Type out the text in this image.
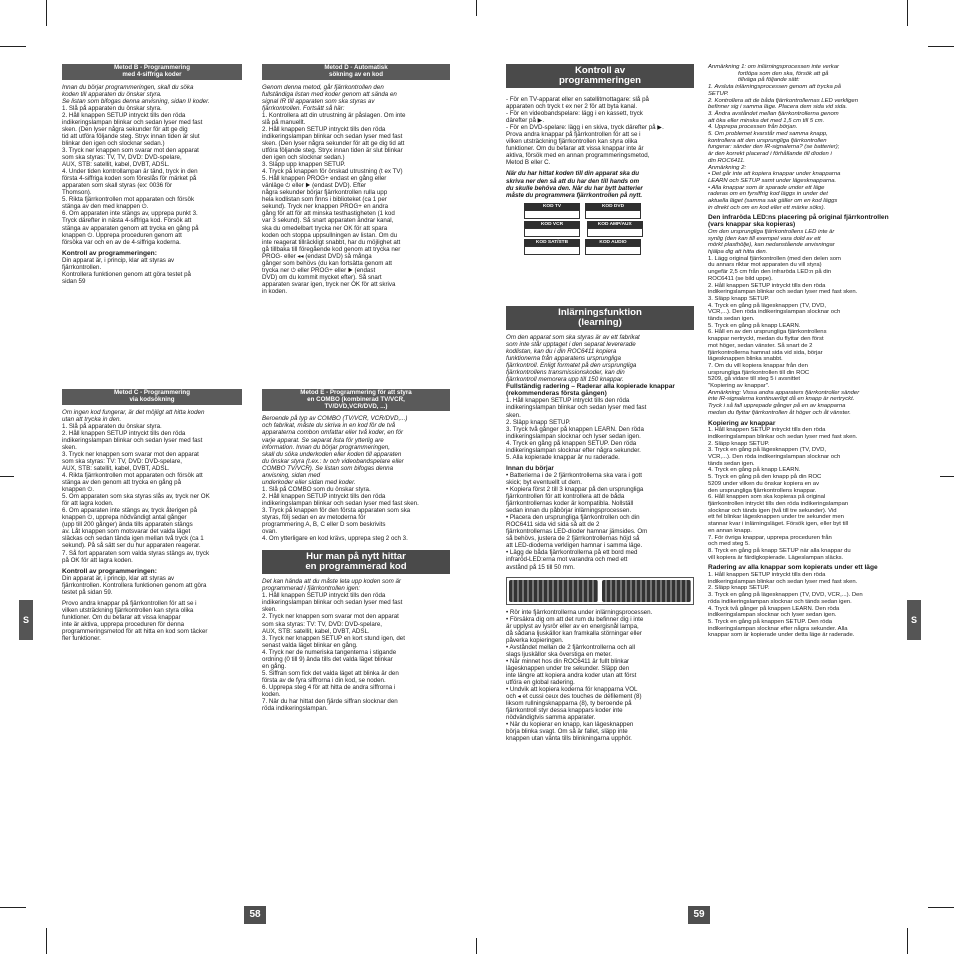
S	S
58	59
Metod B - Programmering
med 4-siffriga koder

Innan du börjar programmeringen, skall du söka

koden till apparaten du önskar styra.

Se listan som bifogas denna anvisning, sidan II koder.

1. Slå på apparaten du önskar styra.

2. Håll knappen SETUP intryckt tills den röda

indikeringslampan blinkar och sedan lyser med fast

sken. (Den lyser några sekunder för att ge dig

tid att utföra följande steg. Stryx innan tiden är slut

blinkar den igen och slocknar sedan.)

3. Tryck ner knappen som svarar mot den apparat

som ska styras: TV, TV, DVD: DVD-spelare,

AUX, STB: satellit, kabel, DVBT, ADSL.

4. Under tiden kontrollampan är tänd, tryck in den

första 4-siffriga koden som föreslås för märket på

apparaten som skall styras (ex: 0036 för

Thomson).

5. Rikta fjärrkontrollen mot apparaten och försök

stänga av den med knappen ⏻.

6. Om apparaten inte stängs av, upprepa punkt 3.

Tryck därefter in nästa 4-siffriga kod. Försök att

stänga av apparaten genom att trycka en gång på

knappen ⏻. Upprepa proceduren genom att

försöka var och en av de 4-siffriga koderna.

Kontroll av programmeringen:

Din apparat är, i princip, klar att styras av

fjärrkontrollen.

Kontrollera funktionen genom att göra testet på

sidan 59

Metod C - Programmering
via kodsökning

Om ingen kod fungerar, är det möjligt att hitta koden

utan att trycka in den.

1. Slå på apparaten du önskar styra.

2. Håll knappen SETUP intryckt tills den röda

indikeringslampan blinkar och sedan lyser med fast

sken.

3. Tryck ner knappen som svarar mot den apparat

som ska styras: TV: TV, DVD: DVD-spelare,

AUX, STB: satellit, kabel, DVBT, ADSL.

4. Rikta fjärrkontrollen mot apparaten och försök att

stänga av den genom att trycka en gång på

knappen ⏻.

5. Om apparaten som ska styras slås av, tryck ner OK

för att lagra koden.

6. Om apparaten inte stängs av, tryck återigen på

knappen ⏻, upprepa nödvändigt antal gånger

(upp till 200 gånger) ända tills apparaten stängs

av. Låt knappen som motsvarar det valda läget

släckas och sedan tända igen mellan två tryck (ca 1

sekund). På så sätt ser du hur apparaten reagerar.

7. Så fort apparaten som valda styras stängs av, tryck

på OK för att lagra koden.

Kontroll av programmeringen:

Din apparat är, i princip, klar att styras av

fjärrkontrollen. Kontrollera funktionen genom att göra

testet på sidan 59.

Provo andra knappar på fjärrkontrollen för att se i

vilken utsträckning fjärrkontrollen kan styra olika

funktioner. Om du befarar att vissa knappar

inte är aktiva, upprepa proceduren för denna

programmeringsmetod för att hitta en kod som täcker

fler funktioner.

Metod D - Automatisk
sökning av en kod

Genom denna metod, går fjärrkontrollen den

fullständiga listan med koder genom att sända en

signal IR till apparaten som ska styras av

fjärrkontrollen. Fortsätt så här:

1. Kontrollera att din utrustning är påslagen. Om inte

slå på manuellt.

2. Håll knappen SETUP intryckt tills den röda

indikeringslampan blinkar och sedan lyser med fast

sken. (Den lyser några sekunder för att ge dig tid att

utföra följande steg. Stryx innan tiden är slut blinkar

den igen och slocknar sedan.)

3. Släpp upp knappen SETUP.

4. Tryck på knappen för önskad utrustning (t ex TV)

5. Håll knappen PROG+ endast en gång eller

vänläge ⏻ eller ▶ (endast DVD). Efter

några sekunder börjar fjärrkontrollen rulla upp

hela kodlistan som finns i biblioteket (ca 1 per

sekund). Tryck ner knappen PROG+ en andra

gång för att för att minska testhastigheten (1 kod

var 3 sekund). Så snart apparaten ändrar kanal,

ska du omedelbart trycka ner OK för att spara

koden och stoppa uppsullningen av listan. Om du

inte reagerat tillräckligt snabbt, har du möjlighet att

gå tillbaka till föregående kod genom att trycka ner

PROG- eller ◂◂ (endast DVD) så många

gånger som behövs (du kan fortsätta genom att

trycka ner ⏻ eller PROG+ eller ▶ (endast

DVD) om du kommit mycket efter). Så snart

apparaten svarar igen, tryck ner OK för att skriva

in koden.

Metod E - Programmering för att styra
en COMBO (kombinerad TV/VCR,
TV/DVD,VCR/DVD, ...)

Beroende på typ av COMBO (TV/VCR, VCR/DVD,...)

och fabrikat, måste du skriva in en kod för de två

apparaterna combon omfattar eller två koder, en för

varje apparat. Se separat lista för ytterlig are

information. Innan du börjar programmeringen,

skall du söka underkoden eller koden till apparaten

du önskar styra (t.ex.: tv och videobandspelare eller

COMBO TV/VCR). Se listan som bifogas denna

anvisning, sidan med

underkoder eller sidan med koder.

1. Slå på COMBO som du önskar styra.

2. Håll knappen SETUP intryckt tills den röda

indikeringslampan blinkar och sedan lyser med fast sken.

3. Tryck på knappen för den första apparaten som ska

styras, följ sedan en av metoderna för

programmering A, B, C eller D som beskrivits

ovan.

4. Om ytterligare en kod krävs, upprepa steg 2 och 3.

Hur man på nytt hittar
en programmerad kod

Det kan hända att du måste leta upp koden som är

programmerad i fjärrkontrollen igen:

1. Håll knappen SETUP intryckt tills den röda

indikeringslampan blinkar och sedan lyser med fast

sken.

2. Tryck ner knappen som svarar mot den apparat

som ska styras: TV: TV, DVD: DVD-spelare,

AUX, STB: satellit, kabel, DVBT, ADSL.

3. Tryck ner knappen SETUP en kort stund igen, det

senast valda läget blinkar en gång.

4. Tryck ner de numeriska tangenterna i stigande

ordning (0 till 9) ända tills det valda läget blinkar

en gång.

5. Siffran som fick det valda läget att blinka är den

första av de fyra siffrorna i din kod, se noden.

6. Upprepa steg 4 för att hitta de andra siffrorna i

koden.

7. När du har hittat den fjärde siffran slocknar den

röda indikeringslampan.

Kontroll av
programmeringen

- För en TV-apparat eller en satellitmottagare: slå på

apparaten och tryck t ex ner 2 för att byta kanal.

- För en videobandspelare: lägg i en kassett, tryck

därefter på ▶.

- För en DVD-spelare: lägg i en skiva, tryck därefter på ▶.

Prova andra knappar på fjärrkontrollen för att se i

vilken utsträckning fjärrkontrollen kan styra olika

funktioner. Om du befarar att vissa knappar inte är

aktiva, försök med en annan programmeringsmetod,

Metod B eller C.

När du har hittat koden till din apparat ska du

skriva ner den så att du har den till hands om

du skulle behöva den. När du har bytt batterier

måste du programmera fjärrkontrollen på nytt.

KOD TV	KOD DVD
KOD VCR
	KOD AMP/AUX
KOD SAT/STB	KOD AUDIO
Inlärningsfunktion
(learning)

Om den apparat som ska styras är av ett fabrikat

som inte står upptaget i den separat levererade

kodlistan, kan du i din ROC6411 kopiera

funktionerna från apparatens ursprungliga

fjärrkontroll. Enligt formatet på den ursprungliga

fjärrkontrollens transmissionskoder, kan din

fjärrkontroll memorera upp till 150 knappar.

Fullständig radering – Raderar alla kopierade knappar (rekommenderas första gången)

1. Håll knappen SETUP intryckt tills den röda

indikeringslampan blinkar och sedan lyser med fast

sken.

2. Släpp knapp SETUP.

3. Tryck två gånger på knappen LEARN. Den röda

indikeringslampan slocknar och lyser sedan igen.

4. Tryck en gång på knappen SETUP. Den röda

indikeringslampan slocknar efter några sekunder.

5. Alla kopierade knappar är nu raderade.

Innan du börjar

• Batterierna i de 2 fjärrkontrollerna ska vara i gott

skick; byt eventuellt ut dem.

• Kopiera först 2 till 3 knappar på den ursprungliga

fjärrkontrollen för att kontrollera att de båda

fjärrkontrollernas koder är kompatibla. Nollställ

sedan innan du påbörjar inlärningsprocessen.

• Placera den ursprungliga fjärrkontrollen och din

ROC6411 sida vid sida så att de 2

fjärrkontrollernas LED-dioder hamnar jämsides. Om

så behövs, justera de 2 fjärrkontrollernas höjd så

att LED-dioderna verkligen hamnar i samma läge.

• Lägg de båda fjärrkontrollerna på ett bord med

infraröd-LED:erna mot varandra och med ett

avstånd på 15 till 50 mm.

• Rör inte fjärrkontrollerna under inlärningsprocessen.

• Försäkra dig om att det rum du befinner dig i inte

är upplyst av lysrör eller av en energisnål lampa,

då sådana ljuskällor kan framkalla störningar eller

påverka kopieringen.

• Avståndet mellan de 2 fjärrkontrollerna och all

slags ljuskällor ska överstiga en meter.

• När minnet hos din ROC6411 är fullt blinkar

lägesknappen under tre sekunder. Släpp den

inte längre att kopiera andra koder utan att först

utföra en global radering.

• Undvik att kopiera koderna för knapparna VOL

och ◂ et cussi ceux des touches de défilement (8)

liksom rullningsknapparna (8), ty beroende på

fjärrkontroll styr dessa knappars koder inte

nödvändigtvis samma apparater.

• När du kopierar en knapp, kan lägesknappen

börja blinka svagt. Om så är fallet, släpp inte

knappen utan vänta tills blinkningarna upphör.

Anmärkning 1: om inlärningsprocessen inte verkar

fortlöpa som den ska, försök att gå

tillväga på följande sätt:

1. Avsluta inlärningsprocessen genom att trycka på

SETUP.

2. Kontrollera att de båda fjärrkontrollernas LED verkligen

befinner sig i samma läge. Placera dem sida vid sida.

3. Ändra avståndet mellan fjärrkontrollerna genom

att öka eller minska det med 1,5 cm till 5 cm.

4. Upprepa processen från början.

5. Om problemet kvarstår med samma knapp,

kontrollera att den ursprungliga fjärrkontrollen

fungerar: sänder den IR-signalerna? (se batterier);

är den korrekt placerad i förhållande till dioden i

din ROC6411.

Anmärkning 2:

• Det går inte att kopiera knappar under knapparna

LEARN och SETUP samt under lägesknapparna.

• Alla knappar som är sparade under ett läge

raderas om en fyrsiffrig kod läggs in under det

aktuella läget (samma sak gäller om en kod läggs

in direkt och om en kod eller ett märke söks).

Den infraröda LED:ns placering på original fjärrkontrollen (vars knappar ska kopieras)

Om den ursprungliga fjärrkontrollens LED inte är

synlig (den kan till exempel vara dold av ett

mörkt plasthölje), kan nedanstående anvisningar

hjälpa dig att hitta den.

1. Lägg original fjärrkontrollen (med den delen som

du annars riktar mot apparaten du vill styra)

ungefär 2,5 cm från den infraröda LED:n på din

ROC6411 (se bild uppe).

2. Håll knappen SETUP intryckt tills den röda

indikeringslampan blinkar och sedan lyser med fast sken.

3. Släpp knapp SETUP.

4. Tryck en gång på lägesknappen (TV, DVD,

VCR,...). Den röda indikeringslampan slocknar och

tänds sedan igen.

5. Tryck en gång på knapp LEARN.

6. Håll en av den ursprungliga fjärrkontrollens

knappar nertryckt, medan du flyttar den först

mot höger, sedan vänster. Så snart de 2

fjärrkontrollerna hamnat sida vid sida, börjar

lägesknappen blinka snabbt.

7. Om du vill kopiera knappar från den

ursprungliga fjärrkontrollen till din ROC

5209, gå vidare till steg 5 i avsnittet

"Kopiering av knappar".

Anmärkning: Vissa andra apparaters fjärrkontroller sänder

inte IR-signalerna kontinuerligt då en knapp är nertryckt.

Tryck i så fall upprepade gånger på en av knapparna

medan du flyttar fjärrkontrollen åt höger och åt vänster.

Kopiering av knappar

1. Håll knappen SETUP intryckt tills den röda

indikeringslampan blinkar och sedan lyser med fast sken.

2. Släpp knapp SETUP.

3. Tryck en gång på lägesknappen (TV, DVD,

VCR,...). Den röda indikeringslampan slocknar och

tänds sedan igen.

4. Tryck en gång på knapp LEARN.

5. Tryck en gång på den knapp på din ROC

5209 under vilken du önskar kopiera en av

den ursprungliga fjärrkontrollens knappar.

6. Håll knappen som ska kopieras på original

fjärrkontrollen intryckt tills den röda indikeringslampan

slocknar och tänds igen (två till tre sekunder). Vid

ett fel blinkar lägesknappen under tre sekunder men

stannar kvar i inlärningsläget. Försök igen, eller byt till

en annan knapp.

7. För övriga knappar, upprepa proceduren från

och med steg 5.

8. Tryck en gång på knapp SETUP när alla knappar du

vill kopiera är färdigkopierade. Lägeslampan släcks.

Radering av alla knappar som kopierats under ett läge

1. Håll knappen SETUP intryckt tills den röda

indikeringslampan blinkar och sedan lyser med fast sken.

2. Släpp knapp SETUP.

3. Tryck en gång på lägesknappen (TV, DVD, VCR,...). Den

röda indikeringslampan slocknar och tänds sedan igen.

4. Tryck två gånger på knappen LEARN. Den röda

indikeringslampan slocknar och lyser sedan igen.

5. Tryck en gång på knappen SETUP. Den röda

indikeringslampan slocknar efter några sekunder. Alla

knappar som är kopierade under detta läge är raderade.
